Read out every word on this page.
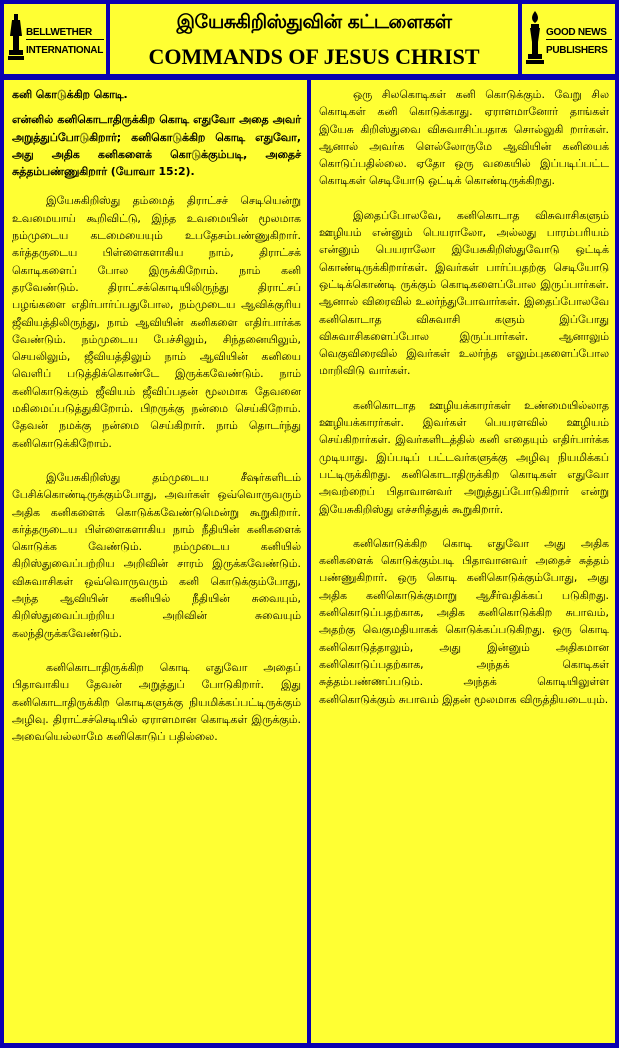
BELLWETHER
INTERNATIONAL
இயேசுகிறிஸ்துவின் கட்டளைகள்
COMMANDS OF JESUS CHRIST
GOOD NEWS
PUBLISHERS

கனி கொடுக்கிற கொடி.

என்னில் கனிகொடாதிருக்கிற கொடி எதுவோ அதை அவர் அறுத்துப்போடுகிறார்; கனிகொடுக்கிற கொடி எதுவோ, அது அதிக கனிகளைக் கொடுக்கும்படி, அதைச் சுத்தம்பண்ணுகிறார் (யோவா 15:2).

இயேசுகிறிஸ்து தம்மைத் திராட்சச் செடியென்று உவமையாய் கூறிவிட்டு, இந்த உவமையின் மூலமாக நம்முடைய கடமையையும் உபதேசம்பண்ணுகிறார். கர்த்தருடைய பிள்ளைகளாகிய நாம், திராட்சக் கொடிகளைப் போல இருக்கிறோம். நாம் கனி தரவேண்டும். திராட்சக்கொடியிலிருந்து திராட்சப் பழங்களை எதிர்பார்ப்பதுபோல, நம்முடைய ஆவிக்குரிய ஜீவியத்திலிருந்து, நாம் ஆவியின் கனிகளை எதிர்பார்க்க வேண்டும். நம்முடைய பேச்சிலும், சிந்தனையிலும், செயலிலும், ஜீவியத்திலும் நாம் ஆவியின் கனியை வெளிப் படுத்திக்கொண்டே இருக்கவேண்டும். நாம் கனிகொடுக்கும் ஜீவியம் ஜீவிப்பதன் மூலமாக தேவனை மகிமைப்படுத்துகிறோம். பிறருக்கு நன்மை செய்கிறோம். தேவன் நமக்கு நன்மை செய்கிறார். நாம் தொடர்ந்து கனிகொடுக்கிறோம்.

இயேசுகிறிஸ்து தம்முடைய சீஷர்களிடம் பேசிக்கொண்டிருக்கும்போது, அவர்கள் ஒவ்வொருவரும் அதிக கனிகளைக் கொடுக்கவேண்டுமென்று கூறுகிறார். கர்த்தருடைய பிள்ளைகளாகிய நாம் நீதியின் கனிகளைக் கொடுக்க வேண்டும். நம்முடைய கனியில் கிறிஸ்துவைப்பற்றிய அறிவின் சாரம் இருக்கவேண்டும். விசுவாசிகள் ஒவ்வொருவரும் கனி கொடுக்கும்போது, அந்த ஆவியின் கனியில் நீதியின் சுவையும், கிறிஸ்துவைப்பற்றிய அறிவின் சுவையும் கலந்திருக்கவேண்டும்.

கனிகொடாதிருக்கிற கொடி எதுவோ அதைப் பிதாவாகிய தேவன் அறுத்துப் போடுகிறார். இது கனிகொடாதிருக்கிற கொடிகளுக்கு நியமிக்கப்பட்டிருக்கும் அழிவு. திராட்சச்செடியில் ஏராளமான கொடிகள் இருக்கும். அவையெல்லாமே கனிகொடுப் பதில்லை.

ஒரு சிலகொடிகள் கனி கொடுக்கும். வேறு சில கொடிகள் கனி கொடுக்காது. ஏராளமானோர் தாங்கள் இயேசு கிறிஸ்துவை விசுவாசிப்பதாக சொல்லுகி றார்கள். ஆனால் அவர்க ளெல்லோருமே ஆவியின் கனியைக் கொடுப்பதில்லை. ஏதோ ஒரு வகையில் இப்படிப்பட்ட கொடிகள் செடியோடு ஒட்டிக் கொண்டிருக்கிறது.

இதைப்போலவே, கனிகொடாத விசுவாசிகளும் ஊழியம் என்னும் பெயராலோ, அல்லது பாரம்பரியம் என்னும் பெயராலோ இயேசுகிறிஸ்துவோடு ஒட்டிக் கொண்டிருக்கிறார்கள். இவர்கள் பார்ப்பதற்கு செடியோடு ஒட்டிக்கொண்டி ருக்கும் கொடிகளைப்போல இருப்பார்கள். ஆனால் விரைவில் உலர்ந்துபோவார்கள். இதைப்போலவே கனிகொடாத விசுவாசி களும் இப்போது விசுவாசிகளைப்போல இருப்பார்கள். ஆனாலும் வெகுவிரைவில் இவர்கள் உலர்ந்த எலும்புகளைப்போல மாறிவிடு வார்கள்.

கனிகொடாத ஊழியக்காரர்கள் உண்மையில்லாத ஊழியக்காரர்கள். இவர்கள் பெயரளவில் ஊழியம் செய்கிறார்கள். இவர்களிடத்தில் கனி எதையும் எதிர்பார்க்க முடியாது. இப்படிப் பட்டவர்களுக்கு அழிவு நியமிக்கப் பட்டிருக்கிறது. கனிகொடாதிருக்கிற கொடிகள் எதுவோ அவற்றைப் பிதாவானவர் அறுத்துப்போடுகிறார் என்று இயேசுகிறிஸ்து எச்சரித்துக் கூறுகிறார்.

கனிகொடுக்கிற கொடி எதுவோ அது அதிக கனிகளைக் கொடுக்கும்படி பிதாவானவர் அதைச் சுத்தம் பண்ணுகிறார். ஒரு கொடி கனிகொடுக்கும்போது, அது அதிக கனிகொடுக்குமாறு ஆசீர்வதிக்கப் படுகிறது. கனிகொடுப்பதற்காக, அதிக கனிகொடுக்கிற சுபாவம், அதற்கு வெகுமதியாகக் கொடுக்கப்படுகிறது. ஒரு கொடி கனிகொடுத்தாலும், அது இன்னும் அதிகமான கனிகொடுப்பதற்காக, அந்தக் கொடிகள் சுத்தம்பண்ணப்படும். அந்தக் கொடியிலுள்ள கனிகொடுக்கும் சுபாவம் இதன் மூலமாக விருத்தியடையும்.
